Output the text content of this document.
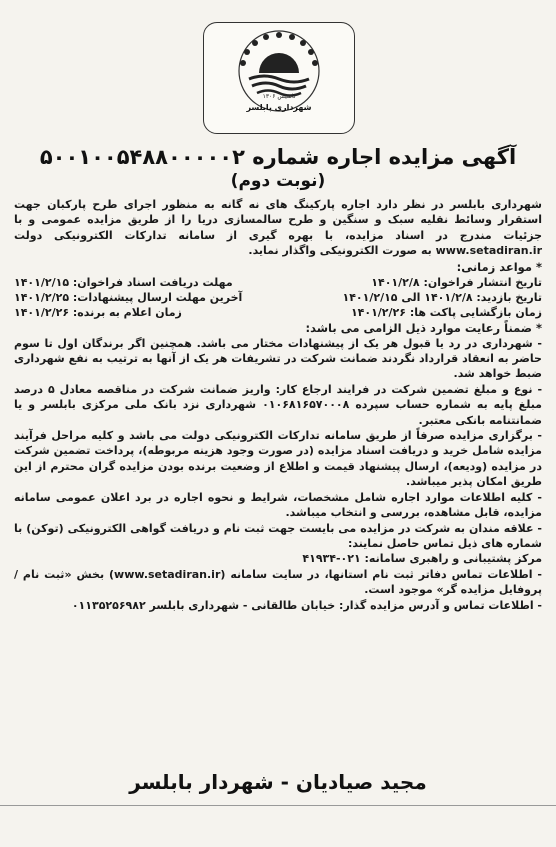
تاسیس ۱۳۰۶
شهرداری بابلسر
آگهی مزایده اجاره شماره ۵۰۰۱۰۰۵۴۸۸۰۰۰۰۰۲
(نوبت دوم)

شهرداری بابلسر در نظر دارد اجاره پارکینگ های نه گانه به منظور اجرای طرح پارکبان جهت استقرار وسائط نقلیه سبک و سنگین و طرح سالمسازی دریا را از طریق مزایده عمومی و با جزئیات مندرج در اسناد مزایده، با بهره گیری از سامانه تدارکات الکترونیکی دولت www.setadiran.ir به صورت الکترونیکی واگذار نماید.

* مواعد زمانی:
تاریخ انتشار فراخوان: ۱۴۰۱/۲/۸
مهلت دریافت اسناد فراخوان: ۱۴۰۱/۲/۱۵
تاریخ بازدید: ۱۴۰۱/۲/۸ الی ۱۴۰۱/۲/۱۵
آخرین مهلت ارسال پیشنهادات: ۱۴۰۱/۲/۲۵
زمان بازگشایی پاکت ها: ۱۴۰۱/۲/۲۶
زمان اعلام به برنده: ۱۴۰۱/۲/۲۶
* ضمناً رعایت موارد ذیل الزامی می باشد:

- شهرداری در رد یا قبول هر یک از پیشنهادات مختار می باشد. همچنین اگر برندگان اول تا سوم حاضر به انعقاد قرارداد نگردند ضمانت شرکت در تشریفات هر یک از آنها به ترتیب به نفع شهرداری ضبط خواهد شد.

- نوع و مبلغ تضمین شرکت در فرایند ارجاع کار: واریز ضمانت شرکت در مناقصه معادل ۵ درصد مبلغ پایه به شماره حساب سپرده ۰۱۰۶۸۱۶۵۷۰۰۰۸ شهرداری نزد بانک ملی مرکزی بابلسر و یا ضمانتنامه بانکی معتبر.

- برگزاری مزایده صرفاً از طریق سامانه تدارکات الکترونیکی دولت می باشد و کلیه مراحل فرآیند مزایده شامل خرید و دریافت اسناد مزایده (در صورت وجود هزینه مربوطه)، پرداخت تضمین شرکت در مزایده (ودیعه)، ارسال پیشنهاد قیمت و اطلاع از وضعیت برنده بودن مزایده گران محترم از این طریق امکان پذیر میباشد.

- کلیه اطلاعات موارد اجاره شامل مشخصات، شرایط و نحوه اجاره در برد اعلان عمومی سامانه مزایده، قابل مشاهده، بررسی و انتخاب میباشد.

- علاقه مندان به شرکت در مزایده می بایست جهت ثبت نام و دریافت گواهی الکترونیکی (توکن) با شماره های ذیل تماس حاصل نمایند:

مرکز پشتیبانی و راهبری سامانه: ۰۲۱-۴۱۹۳۴

- اطلاعات تماس دفاتر ثبت نام استانها، در سایت سامانه (www.setadiran.ir) بخش «ثبت نام / پروفایل مزایده گر» موجود است.

- اطلاعات تماس و آدرس مزایده گذار: خیابان طالقانی - شهرداری بابلسر ۰۱۱۳۵۲۵۶۹۸۲

مجید صیادیان - شهردار بابلسر
